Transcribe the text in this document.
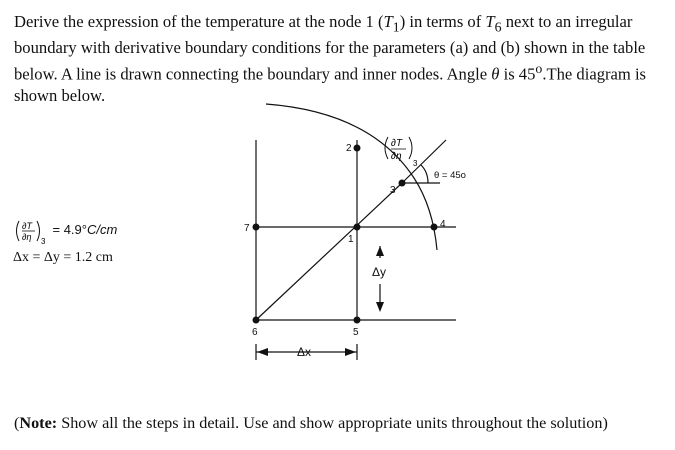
Derive the expression of the temperature at the node 1 $(T_1)$ in terms of $T_6$ next to an irregular boundary with derivative boundary conditions for the parameters (a) and (b) shown in the table below. A line is drawn connecting the boundary and inner nodes. Angle θ is 45$^o$.The diagram is shown below.

∂T
∂η 3
= 4.9°C/cm
Δx = Δy = 1.2 cm
1
2
3
4
5
6
7
θ = 45o
Δx
Δy
∂T
∂η
3

(Note: Show all the steps in detail. Use and show appropriate units throughout the solution)
